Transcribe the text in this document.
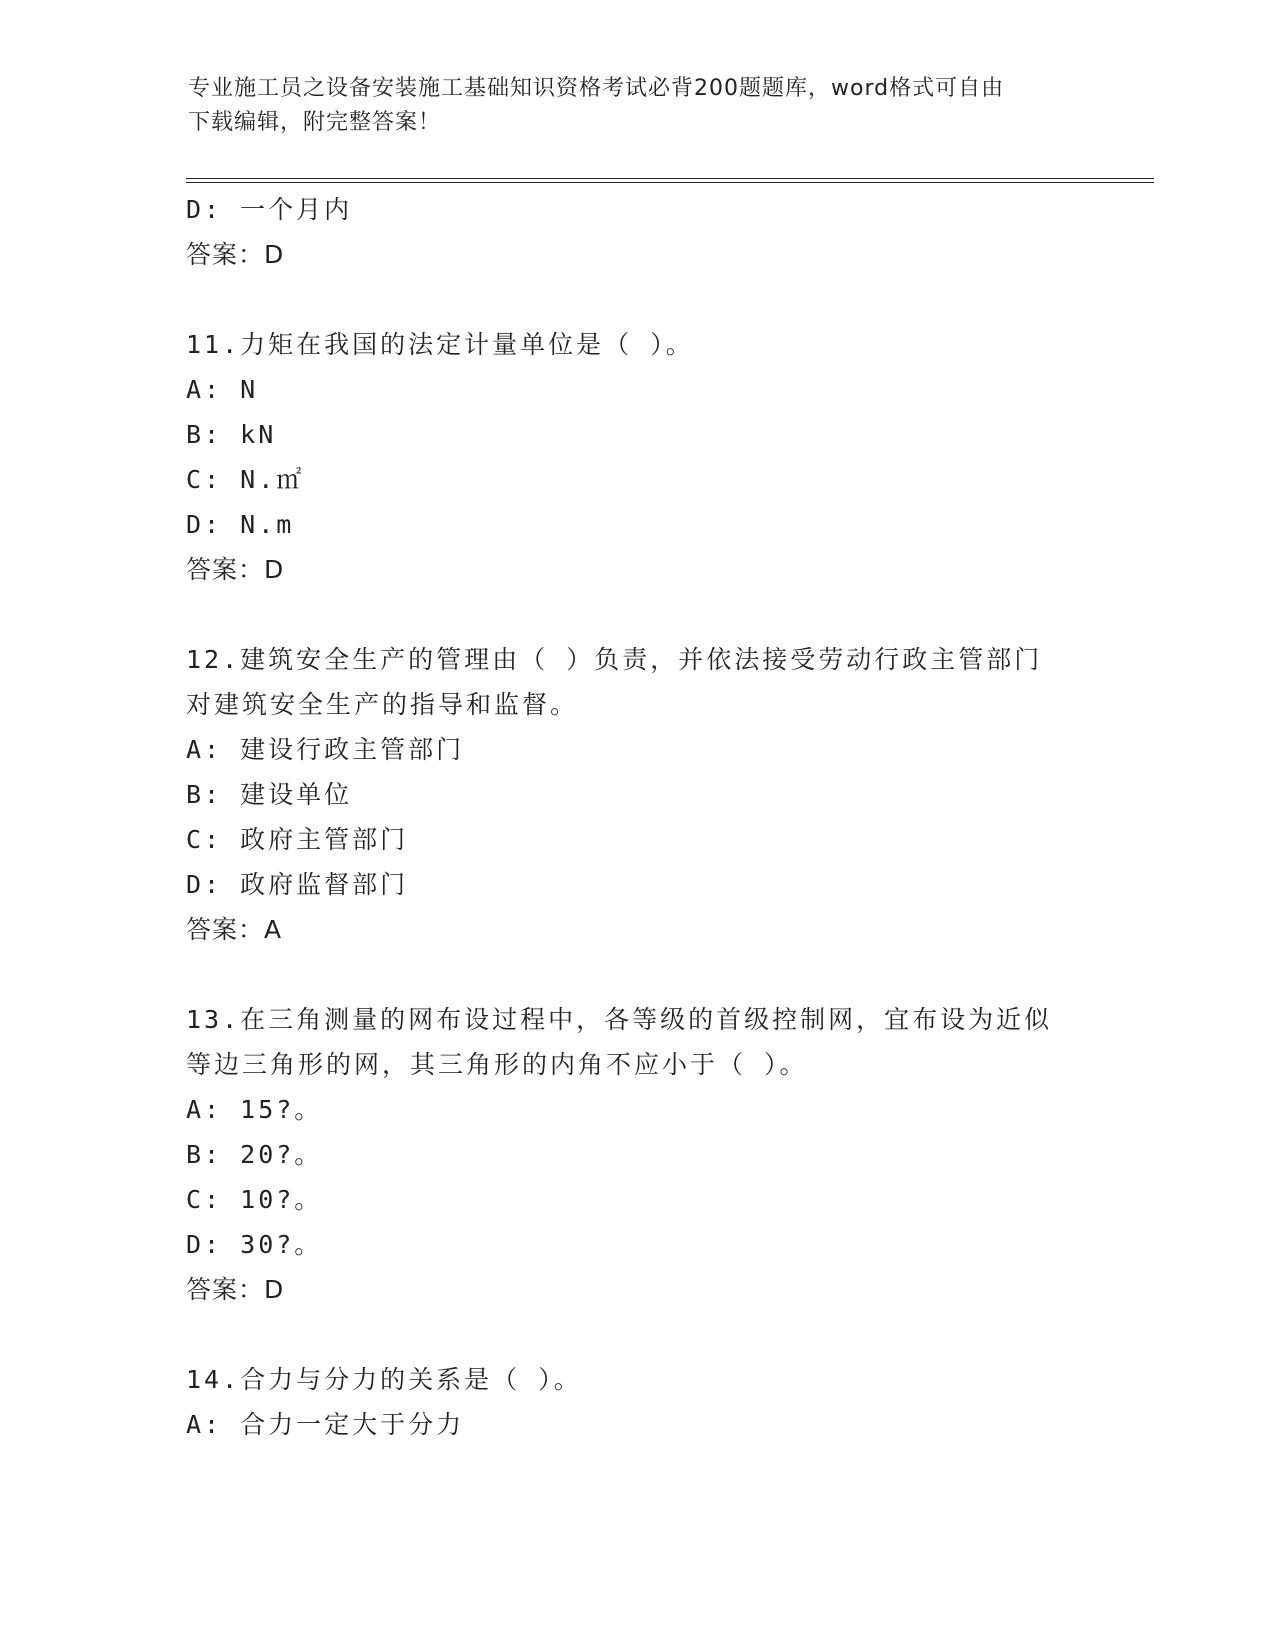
专业施工员之设备安装施工基础知识资格考试必背200题题库，word格式可自由
下载编辑，附完整答案！
D: 一个月内
答案：D
11.力矩在我国的法定计量单位是（ ）。
A: N
B: kN
C: N.㎡
D: N.m
答案：D
12.建筑安全生产的管理由（ ）负责，并依法接受劳动行政主管部门
对建筑安全生产的指导和监督。
A: 建设行政主管部门
B: 建设单位
C: 政府主管部门
D: 政府监督部门
答案：A
13.在三角测量的网布设过程中，各等级的首级控制网，宜布设为近似
等边三角形的网，其三角形的内角不应小于（ ）。
A: 15?。
B: 20?。
C: 10?。
D: 30?。
答案：D
14.合力与分力的关系是（ ）。
A: 合力一定大于分力
